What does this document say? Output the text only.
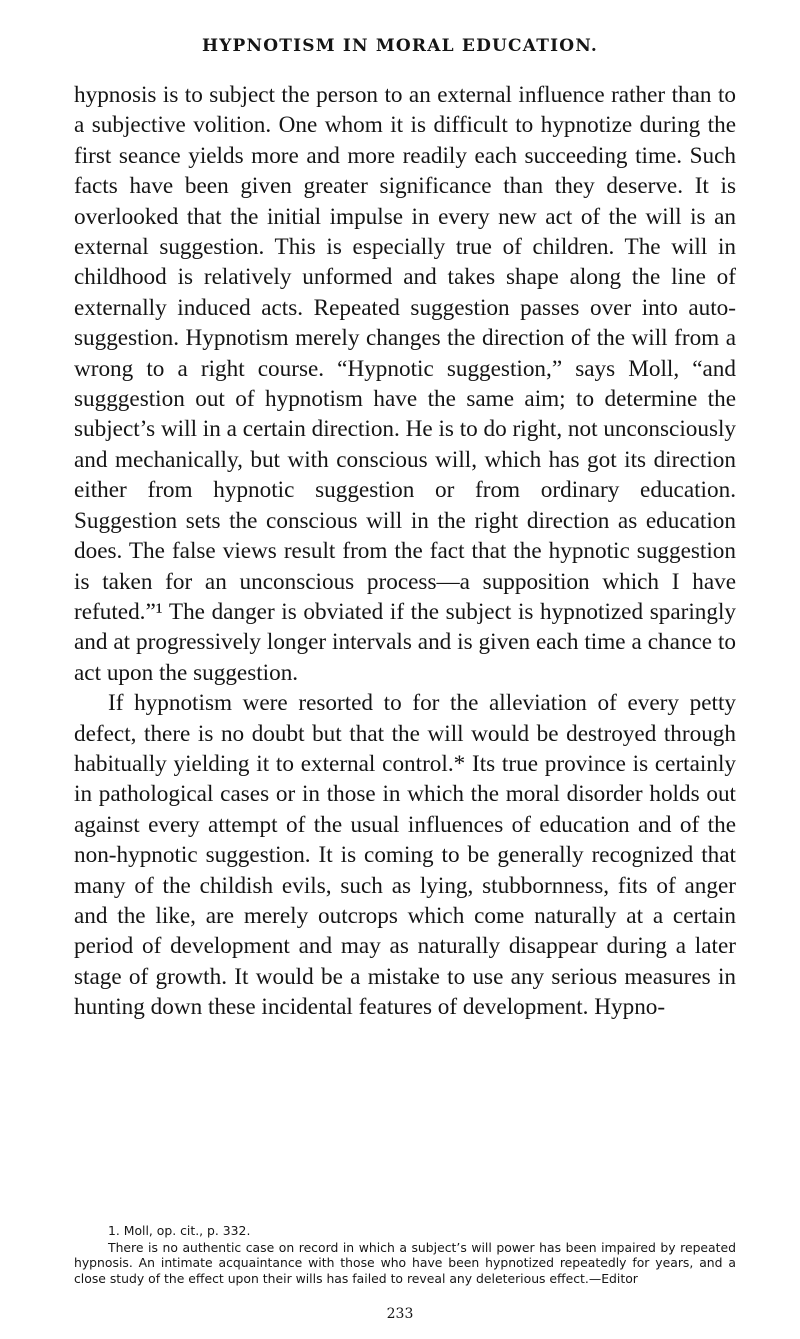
HYPNOTISM IN MORAL EDUCATION.

hypnosis is to subject the person to an external influence rather than to a subjective volition. One whom it is difficult to hypnotize during the first seance yields more and more readily each succeeding time. Such facts have been given greater significance than they deserve. It is overlooked that the initial impulse in every new act of the will is an external suggestion. This is especially true of children. The will in childhood is relatively unformed and takes shape along the line of externally induced acts. Repeated suggestion passes over into auto-suggestion. Hypnotism merely changes the direction of the will from a wrong to a right course. “Hypnotic suggestion,” says Moll, “and sugggestion out of hypnotism have the same aim; to determine the subject’s will in a certain direction. He is to do right, not unconsciously and mechanically, but with conscious will, which has got its direction either from hypnotic suggestion or from ordinary education. Suggestion sets the conscious will in the right direction as education does. The false views result from the fact that the hypnotic suggestion is taken for an unconscious process—a supposition which I have refuted.”¹ The danger is obviated if the subject is hypnotized sparingly and at progressively longer intervals and is given each time a chance to act upon the suggestion.

If hypnotism were resorted to for the alleviation of every petty defect, there is no doubt but that the will would be destroyed through habitually yielding it to external control.* Its true province is certainly in pathological cases or in those in which the moral disorder holds out against every attempt of the usual influences of education and of the non-hypnotic suggestion. It is coming to be generally recognized that many of the childish evils, such as lying, stubbornness, fits of anger and the like, are merely outcrops which come naturally at a certain period of development and may as naturally disappear during a later stage of growth. It would be a mistake to use any serious measures in hunting down these incidental features of development. Hypno-

1. Moll, op. cit., p. 332.

There is no authentic case on record in which a subject’s will power has been impaired by repeated hypnosis. An intimate acquaintance with those who have been hypnotized repeatedly for years, and a close study of the effect upon their wills has failed to reveal any deleterious effect.—Editor

233
